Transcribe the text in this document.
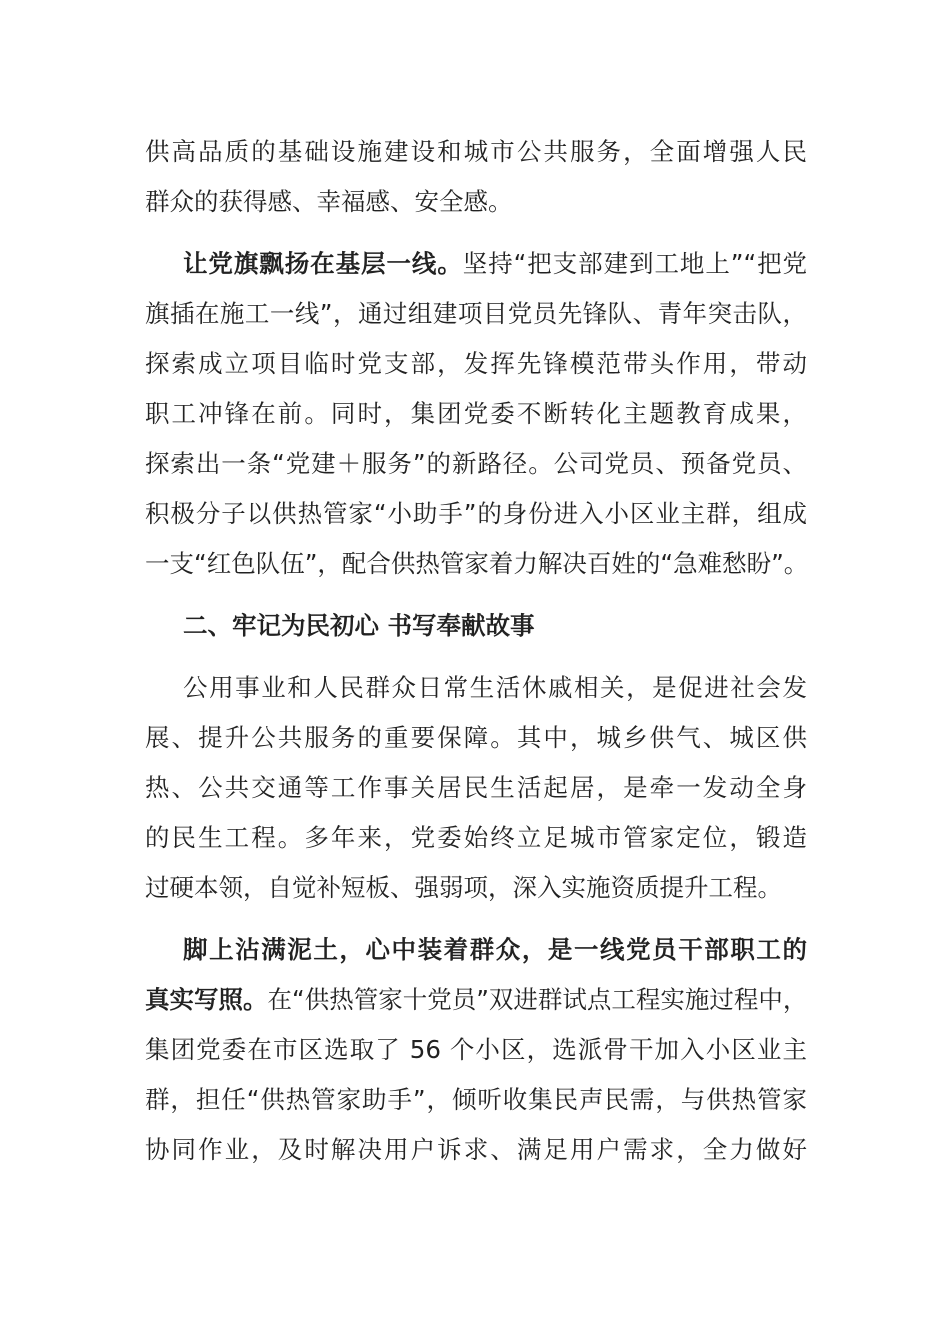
供高品质的基础设施建设和城市公共服务，全面增强人民
群众的获得感、幸福感、安全感。
让党旗飘扬在基层一线。坚持“把支部建到工地上”“把党
旗插在施工一线”，通过组建项目党员先锋队、青年突击队，
探索成立项目临时党支部，发挥先锋模范带头作用，带动
职工冲锋在前。同时，集团党委不断转化主题教育成果，
探索出一条“党建＋服务”的新路径。公司党员、预备党员、
积极分子以供热管家“小助手”的身份进入小区业主群，组成
一支“红色队伍”，配合供热管家着力解决百姓的“急难愁盼”。
二、牢记为民初心 书写奉献故事
公用事业和人民群众日常生活休戚相关，是促进社会发
展、提升公共服务的重要保障。其中，城乡供气、城区供
热、公共交通等工作事关居民生活起居，是牵一发动全身
的民生工程。多年来，党委始终立足城市管家定位，锻造
过硬本领，自觉补短板、强弱项，深入实施资质提升工程。
脚上沾满泥土，心中装着群众，是一线党员干部职工的
真实写照。在“供热管家十党员”双进群试点工程实施过程中，
集团党委在市区选取了 56 个小区，选派骨干加入小区业主
群，担任“供热管家助手”，倾听收集民声民需，与供热管家
协同作业，及时解决用户诉求、满足用户需求，全力做好
